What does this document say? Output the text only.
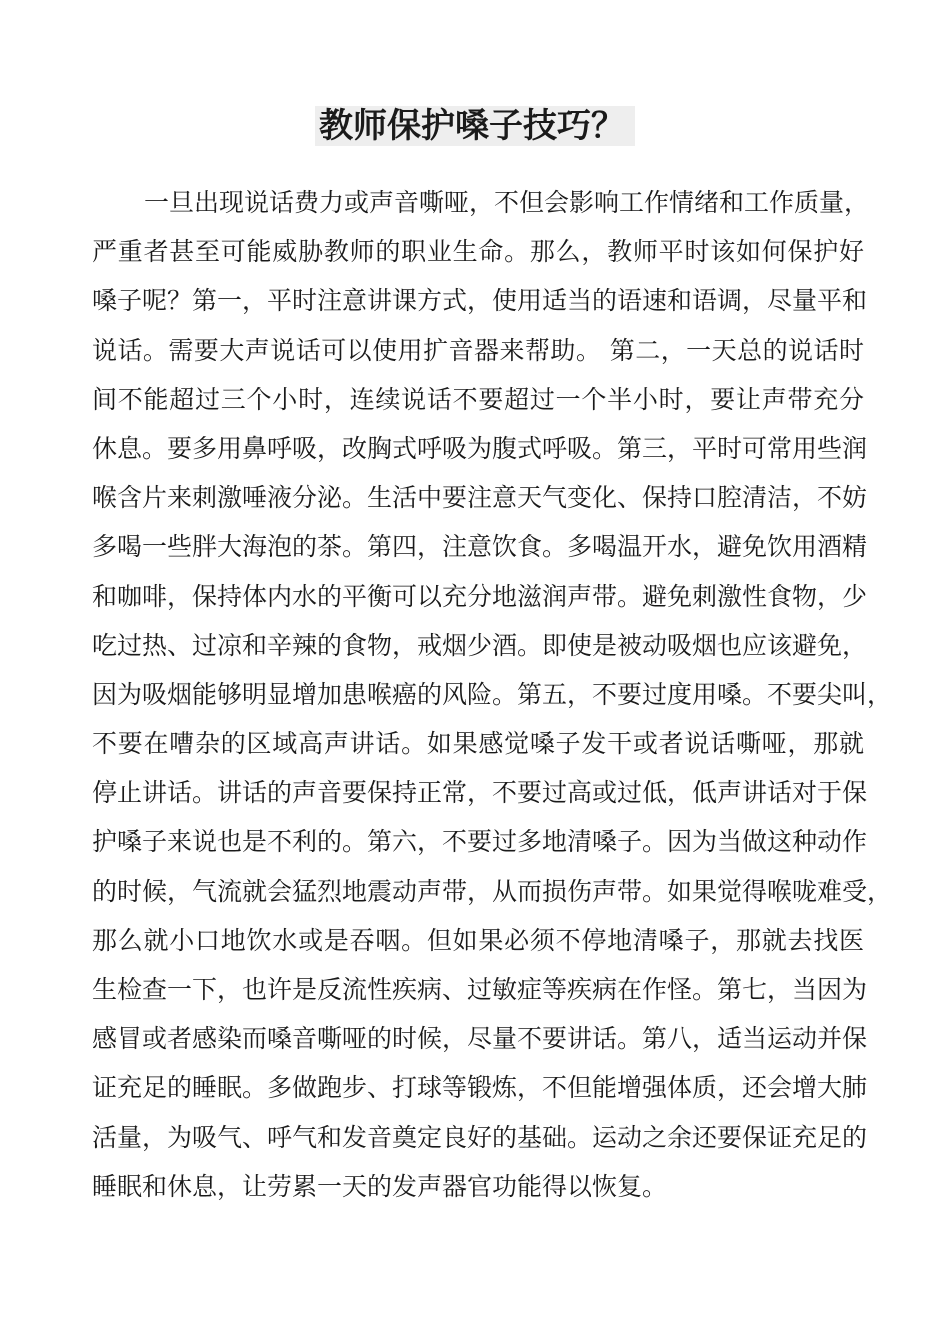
教师保护嗓子技巧？
一旦出现说话费力或声音嘶哑，不但会影响工作情绪和工作质量，
严重者甚至可能威胁教师的职业生命。那么，教师平时该如何保护好
嗓子呢？第一，平时注意讲课方式，使用适当的语速和语调，尽量平和
说话。需要大声说话可以使用扩音器来帮助。 第二，一天总的说话时
间不能超过三个小时，连续说话不要超过一个半小时，要让声带充分
休息。要多用鼻呼吸，改胸式呼吸为腹式呼吸。第三，平时可常用些润
喉含片来刺激唾液分泌。生活中要注意天气变化、保持口腔清洁，不妨
多喝一些胖大海泡的茶。第四，注意饮食。多喝温开水，避免饮用酒精
和咖啡，保持体内水的平衡可以充分地滋润声带。避免刺激性食物，少
吃过热、过凉和辛辣的食物，戒烟少酒。即使是被动吸烟也应该避免，
因为吸烟能够明显增加患喉癌的风险。第五，不要过度用嗓。不要尖叫，
不要在嘈杂的区域高声讲话。如果感觉嗓子发干或者说话嘶哑，那就
停止讲话。讲话的声音要保持正常，不要过高或过低，低声讲话对于保
护嗓子来说也是不利的。第六，不要过多地清嗓子。因为当做这种动作
的时候，气流就会猛烈地震动声带，从而损伤声带。如果觉得喉咙难受，
那么就小口地饮水或是吞咽。但如果必须不停地清嗓子，那就去找医
生检查一下，也许是反流性疾病、过敏症等疾病在作怪。第七，当因为
感冒或者感染而嗓音嘶哑的时候，尽量不要讲话。第八，适当运动并保
证充足的睡眠。多做跑步、打球等锻炼，不但能增强体质，还会增大肺
活量，为吸气、呼气和发音奠定良好的基础。运动之余还要保证充足的
睡眠和休息，让劳累一天的发声器官功能得以恢复。
